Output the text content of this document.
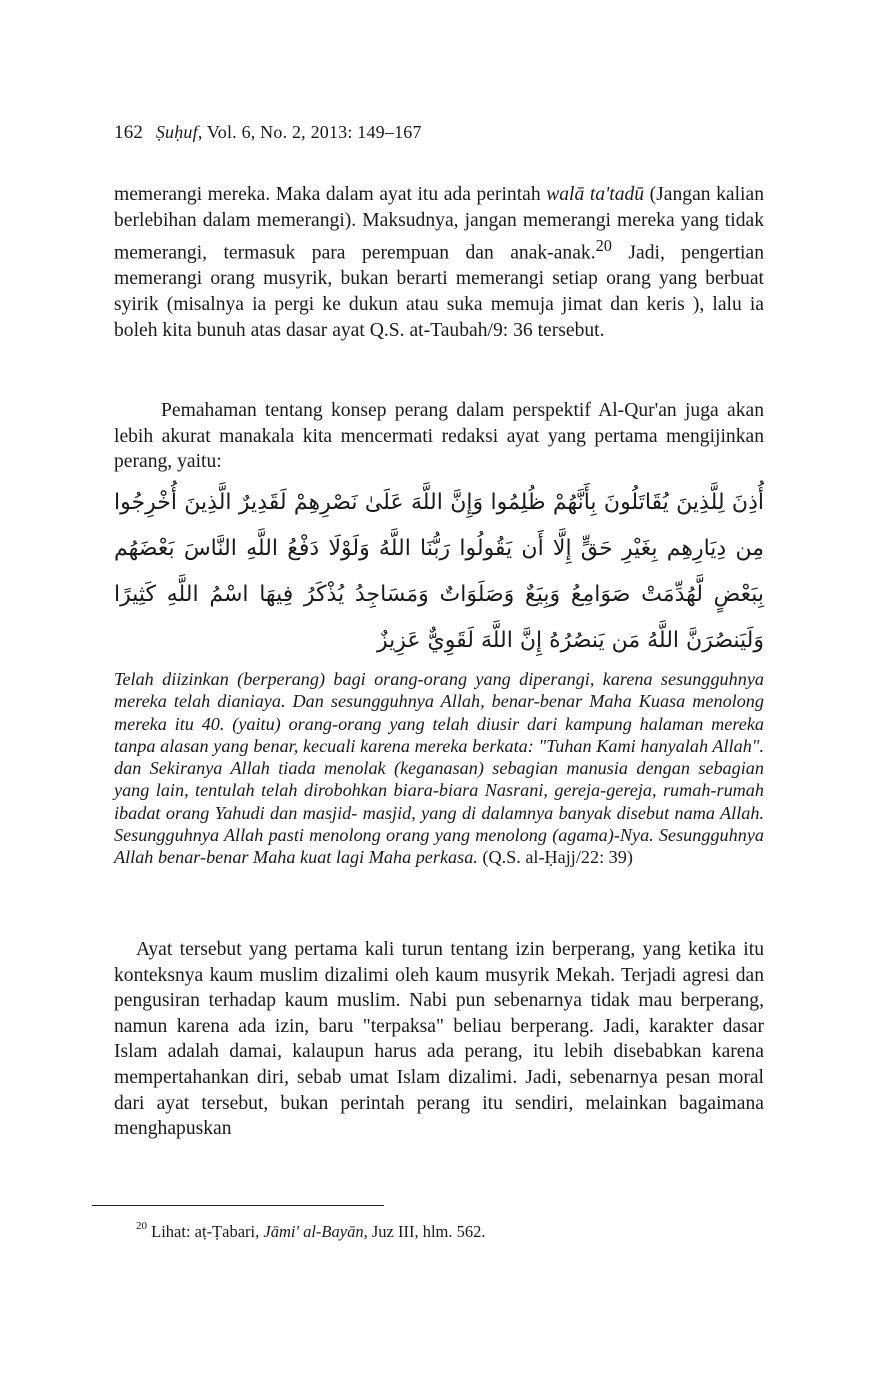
162 Ṣuḥuf, Vol. 6, No. 2, 2013: 149–167
memerangi mereka. Maka dalam ayat itu ada perintah walā ta'tadū (Jangan kalian berlebihan dalam memerangi). Maksudnya, jangan memerangi mereka yang tidak memerangi, termasuk para perempuan dan anak-anak.$^{20}$ Jadi, pengertian memerangi orang musyrik, bukan berarti memerangi setiap orang yang berbuat syirik (misalnya ia pergi ke dukun atau suka memuja jimat dan keris ), lalu ia boleh kita bunuh atas dasar ayat Q.S. at-Taubah/9: 36 tersebut.
Pemahaman tentang konsep perang dalam perspektif Al-Qur'an juga akan lebih akurat manakala kita mencermati redaksi ayat yang pertama mengijinkan perang, yaitu:
أُذِنَ لِلَّذِينَ يُقَاتَلُونَ بِأَنَّهُمْ ظُلِمُوا وَإِنَّ اللَّهَ عَلَىٰ نَصْرِهِمْ لَقَدِيرٌ الَّذِينَ أُخْرِجُوا مِن دِيَارِهِم بِغَيْرِ حَقٍّ إِلَّا أَن يَقُولُوا رَبُّنَا اللَّهُ وَلَوْلَا دَفْعُ اللَّهِ النَّاسَ بَعْضَهُم بِبَعْضٍ لَّهُدِّمَتْ صَوَامِعُ وَبِيَعٌ وَصَلَوَاتٌ وَمَسَاجِدُ يُذْكَرُ فِيهَا اسْمُ اللَّهِ كَثِيرًا وَلَيَنصُرَنَّ اللَّهُ مَن يَنصُرُهُ إِنَّ اللَّهَ لَقَوِيٌّ عَزِيزٌ
Telah diizinkan (berperang) bagi orang-orang yang diperangi, karena sesungguhnya mereka telah dianiaya. Dan sesungguhnya Allah, benar-benar Maha Kuasa menolong mereka itu 40. (yaitu) orang-orang yang telah diusir dari kampung halaman mereka tanpa alasan yang benar, kecuali karena mereka berkata: "Tuhan Kami hanyalah Allah". dan Sekiranya Allah tiada menolak (keganasan) sebagian manusia dengan sebagian yang lain, tentulah telah dirobohkan biara-biara Nasrani, gereja-gereja, rumah-rumah ibadat orang Yahudi dan masjid- masjid, yang di dalamnya banyak disebut nama Allah. Sesungguhnya Allah pasti menolong orang yang menolong (agama)-Nya. Sesungguhnya Allah benar-benar Maha kuat lagi Maha perkasa. (Q.S. al-Ḥajj/22: 39)
Ayat tersebut yang pertama kali turun tentang izin berperang, yang ketika itu konteksnya kaum muslim dizalimi oleh kaum musyrik Mekah. Terjadi agresi dan pengusiran terhadap kaum muslim. Nabi pun sebenarnya tidak mau berperang, namun karena ada izin, baru "terpaksa" beliau berperang. Jadi, karakter dasar Islam adalah damai, kalaupun harus ada perang, itu lebih disebabkan karena mempertahankan diri, sebab umat Islam dizalimi. Jadi, sebenarnya pesan moral dari ayat tersebut, bukan perintah perang itu sendiri, melainkan bagaimana menghapuskan
$^{20}$ Lihat: aṭ-Ṭabari, Jāmi' al-Bayān, Juz III, hlm. 562.
